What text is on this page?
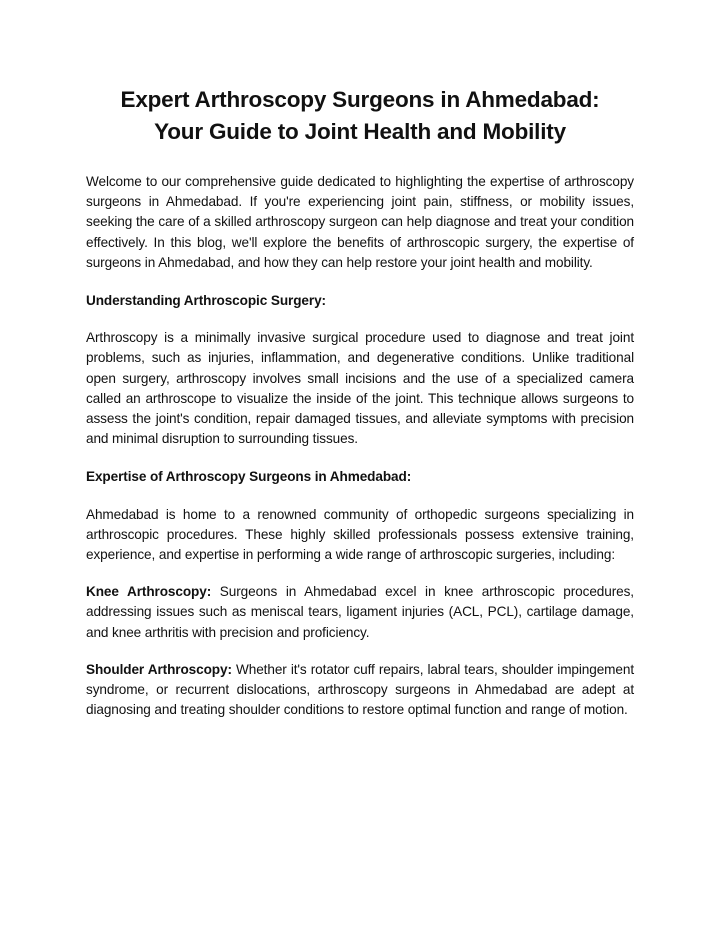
Expert Arthroscopy Surgeons in Ahmedabad:
Your Guide to Joint Health and Mobility

Welcome to our comprehensive guide dedicated to highlighting the expertise of arthroscopy surgeons in Ahmedabad. If you're experiencing joint pain, stiffness, or mobility issues, seeking the care of a skilled arthroscopy surgeon can help diagnose and treat your condition effectively. In this blog, we'll explore the benefits of arthroscopic surgery, the expertise of surgeons in Ahmedabad, and how they can help restore your joint health and mobility.

Understanding Arthroscopic Surgery:

Arthroscopy is a minimally invasive surgical procedure used to diagnose and treat joint problems, such as injuries, inflammation, and degenerative conditions. Unlike traditional open surgery, arthroscopy involves small incisions and the use of a specialized camera called an arthroscope to visualize the inside of the joint. This technique allows surgeons to assess the joint's condition, repair damaged tissues, and alleviate symptoms with precision and minimal disruption to surrounding tissues.

Expertise of Arthroscopy Surgeons in Ahmedabad:

Ahmedabad is home to a renowned community of orthopedic surgeons specializing in arthroscopic procedures. These highly skilled professionals possess extensive training, experience, and expertise in performing a wide range of arthroscopic surgeries, including:

Knee Arthroscopy: Surgeons in Ahmedabad excel in knee arthroscopic procedures, addressing issues such as meniscal tears, ligament injuries (ACL, PCL), cartilage damage, and knee arthritis with precision and proficiency.

Shoulder Arthroscopy: Whether it's rotator cuff repairs, labral tears, shoulder impingement syndrome, or recurrent dislocations, arthroscopy surgeons in Ahmedabad are adept at diagnosing and treating shoulder conditions to restore optimal function and range of motion.
